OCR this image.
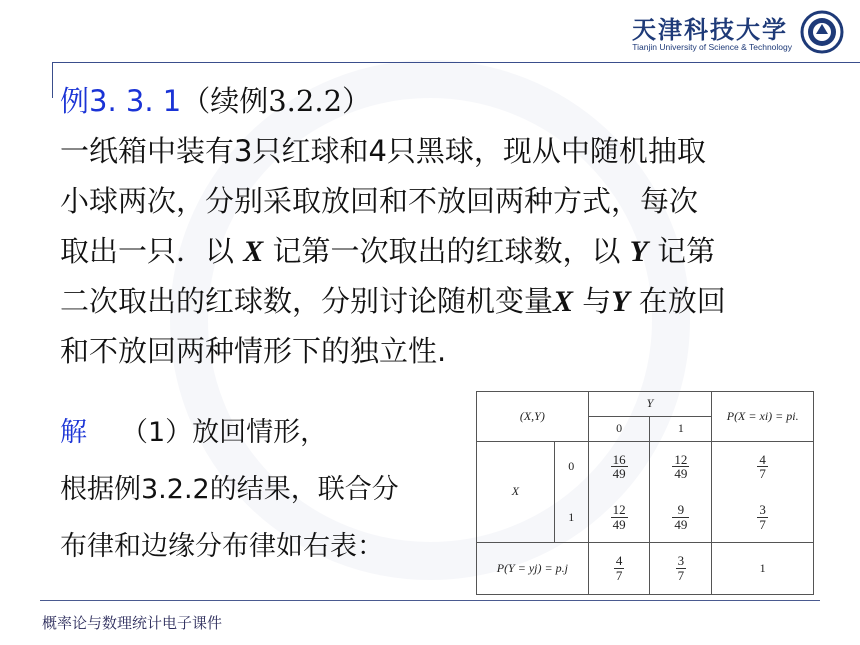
天津科技大学
Tianjin University of Science & Technology
例3. 3. 1（续例3.2.2）
一纸箱中装有3只红球和4只黑球，现从中随机抽取
小球两次，分别采取放回和不放回两种方式，每次
取出一只．以 X 记第一次取出的红球数，以 Y 记第
二次取出的红球数，分别讨论随机变量X 与Y 在放回
和不放回两种情形下的独立性.
解 （1）放回情形，
根据例3.2.2的结果，联合分
布律和边缘分布律如右表：
(X,Y)		Y		P(X = xi) = pi.
		0	1	
X	0	$\frac{16}{49}$	$\frac{12}{49}$	$\frac{4}{7}$

	1	$\frac{12}{49}$	$\frac{9}{49}$	$\frac{3}{7}$

P(Y = yj) = p.j		$\frac{4}{7}$	$\frac{3}{7}$	1
概率论与数理统计电子课件
